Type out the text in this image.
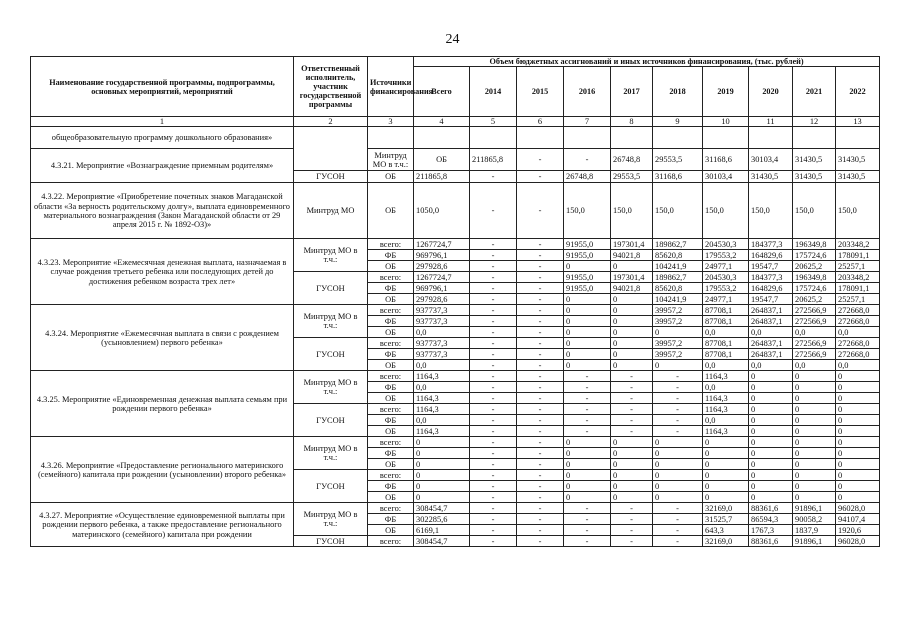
24
Наименование государственной программы, подпрограммы, основных мероприятий, мероприятий	Ответственный исполнитель, участник государственной программы	Источники финансирования	Объем бюджетных ассигнований и иных источников финансирования, (тыс. рублей)										
			Всего	2014	2015	2016	2017	2018	2019	2020	2021	2022	
1	2	3	4	5	6	7	8	9	10	11	12	13	
общеобразовательную программу дошкольного образования»													
4.3.21. Мероприятие «Вознаграждение приемным родителям»		Минтруд МО в т.ч.:	ОБ	211865,8	-	-	26748,8	29553,5	31168,6	30103,4	31430,5	31430,5	
	ГУСОН	ОБ	211865,8	-	-	26748,8	29553,5	31168,6	30103,4	31430,5	31430,5	31430,5	
4.3.22. Мероприятие «Приобретение почетных знаков Магаданской области «За верность родительскому долгу», выплата единовременного материального вознаграждения (Закон Магаданской области от 29 апреля 2015 г. № 1892-ОЗ)»	Минтруд МО	ОБ	1050,0	-	-	150,0	150,0	150,0	150,0	150,0	150,0	150,0	
4.3.23. Мероприятие «Ежемесячная денежная выплата, назначаемая в случае рождения третьего ребенка или последующих детей до достижения ребенком возраста трех лет»	Минтруд МО в т.ч.:	всего:	1267724,7	-	-	91955,0	197301,4	189862,7	204530,3	184377,3	196349,8	203348,2	
		ФБ	969796,1	-	-	91955,0	94021,8	85620,8	179553,2	164829,6	175724,6	178091,1	
		ОБ	297928,6	-	-	0	0	104241,9	24977,1	19547,7	20625,2	25257,1	
	ГУСОН	всего:	1267724,7	-	-	91955,0	197301,4	189862,7	204530,3	184377,3	196349,8	203348,2	
		ФБ	969796,1	-	-	91955,0	94021,8	85620,8	179553,2	164829,6	175724,6	178091,1	
		ОБ	297928,6	-	-	0	0	104241,9	24977,1	19547,7	20625,2	25257,1	
4.3.24. Мероприятие «Ежемесячная выплата в связи с рождением (усыновлением) первого ребенка»	Минтруд МО в т.ч.:	всего:	937737,3	-	-	0	0	39957,2	87708,1	264837,1	272566,9	272668,0	
		ФБ	937737,3	-	-	0	0	39957,2	87708,1	264837,1	272566,9	272668,0	
		ОБ	0,0	-	-	0	0	0	0,0	0,0	0,0	0,0	
	ГУСОН	всего:	937737,3	-	-	0	0	39957,2	87708,1	264837,1	272566,9	272668,0	
		ФБ	937737,3	-	-	0	0	39957,2	87708,1	264837,1	272566,9	272668,0	
		ОБ	0,0	-	-	0	0	0	0,0	0,0	0,0	0,0	
4.3.25. Мероприятие «Единовременная денежная выплата семьям при рождении первого ребенка»	Минтруд МО в т.ч.:	всего:	1164,3	-	-	-	-	-	1164,3	0	0	0	
		ФБ	0,0	-	-	-	-	-	0,0	0	0	0	
		ОБ	1164,3	-	-	-	-	-	1164,3	0	0	0	
	ГУСОН	всего:	1164,3	-	-	-	-	-	1164,3	0	0	0	
		ФБ	0,0	-	-	-	-	-	0,0	0	0	0	
		ОБ	1164,3	-	-	-	-	-	1164,3	0	0	0	
4.3.26. Мероприятие «Предоставление регионального материнского (семейного) капитала при рождении (усыновлении) второго ребенка»	Минтруд МО в т.ч.:	всего:	0	-	-	0	0	0	0	0	0	0	
		ФБ	0	-	-	0	0	0	0	0	0	0	
		ОБ	0	-	-	0	0	0	0	0	0	0	
	ГУСОН	всего:	0	-	-	0	0	0	0	0	0	0	
		ФБ	0	-	-	0	0	0	0	0	0	0	
		ОБ	0	-	-	0	0	0	0	0	0	0	
4.3.27. Мероприятие «Осуществление единовременной выплаты при рождении первого ребенка, а также предоставление регионального материнского (семейного) капитала при рождении	Минтруд МО в т.ч.:	всего:	308454,7	-	-	-	-	-	32169,0	88361,6	91896,1	96028,0	
		ФБ	302285,6	-	-	-	-	-	31525,7	86594,3	90058,2	94107,4	
		ОБ	6169,1	-	-	-	-	-	643,3	1767,3	1837,9	1920,6	
	ГУСОН	всего:	308454,7	-	-	-	-	-	32169,0	88361,6	91896,1	96028,0	
